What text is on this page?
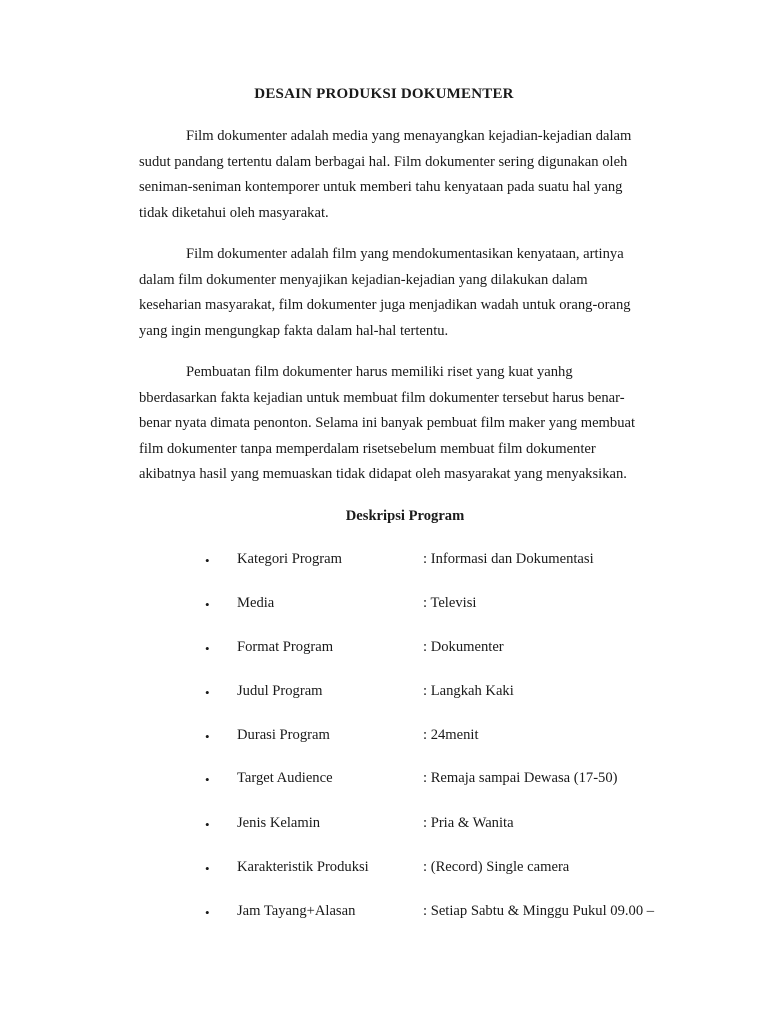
DESAIN PRODUKSI DOKUMENTER

Film dokumenter adalah media yang menayangkan kejadian-kejadian dalam
sudut pandang tertentu dalam berbagai hal. Film dokumenter sering digunakan oleh
seniman-seniman kontemporer untuk memberi tahu kenyataan pada suatu hal yang
tidak diketahui oleh masyarakat.

Film dokumenter adalah film yang mendokumentasikan kenyataan, artinya
dalam film dokumenter menyajikan kejadian-kejadian yang dilakukan dalam
keseharian masyarakat, film dokumenter juga menjadikan wadah untuk orang-orang
yang ingin mengungkap fakta dalam hal-hal tertentu.

Pembuatan film dokumenter harus memiliki riset yang kuat yanhg
bberdasarkan fakta kejadian untuk membuat film dokumenter tersebut harus benar-
benar nyata dimata penonton. Selama ini banyak pembuat film maker yang membuat
film dokumenter tanpa memperdalam risetsebelum membuat film dokumenter
akibatnya hasil yang memuaskan tidak didapat oleh masyarakat yang menyaksikan.

Deskripsi Program
• Kategori Program	: Informasi dan Dokumentasi
• Media	: Televisi
• Format Program	: Dokumenter
• Judul Program	: Langkah Kaki
• Durasi Program	: 24menit
• Target Audience	: Remaja sampai Dewasa (17-50)
• Jenis Kelamin	: Pria & Wanita
• Karakteristik Produksi	: (Record) Single camera
• Jam Tayang+Alasan	: Setiap Sabtu & Minggu Pukul 09.00 –
